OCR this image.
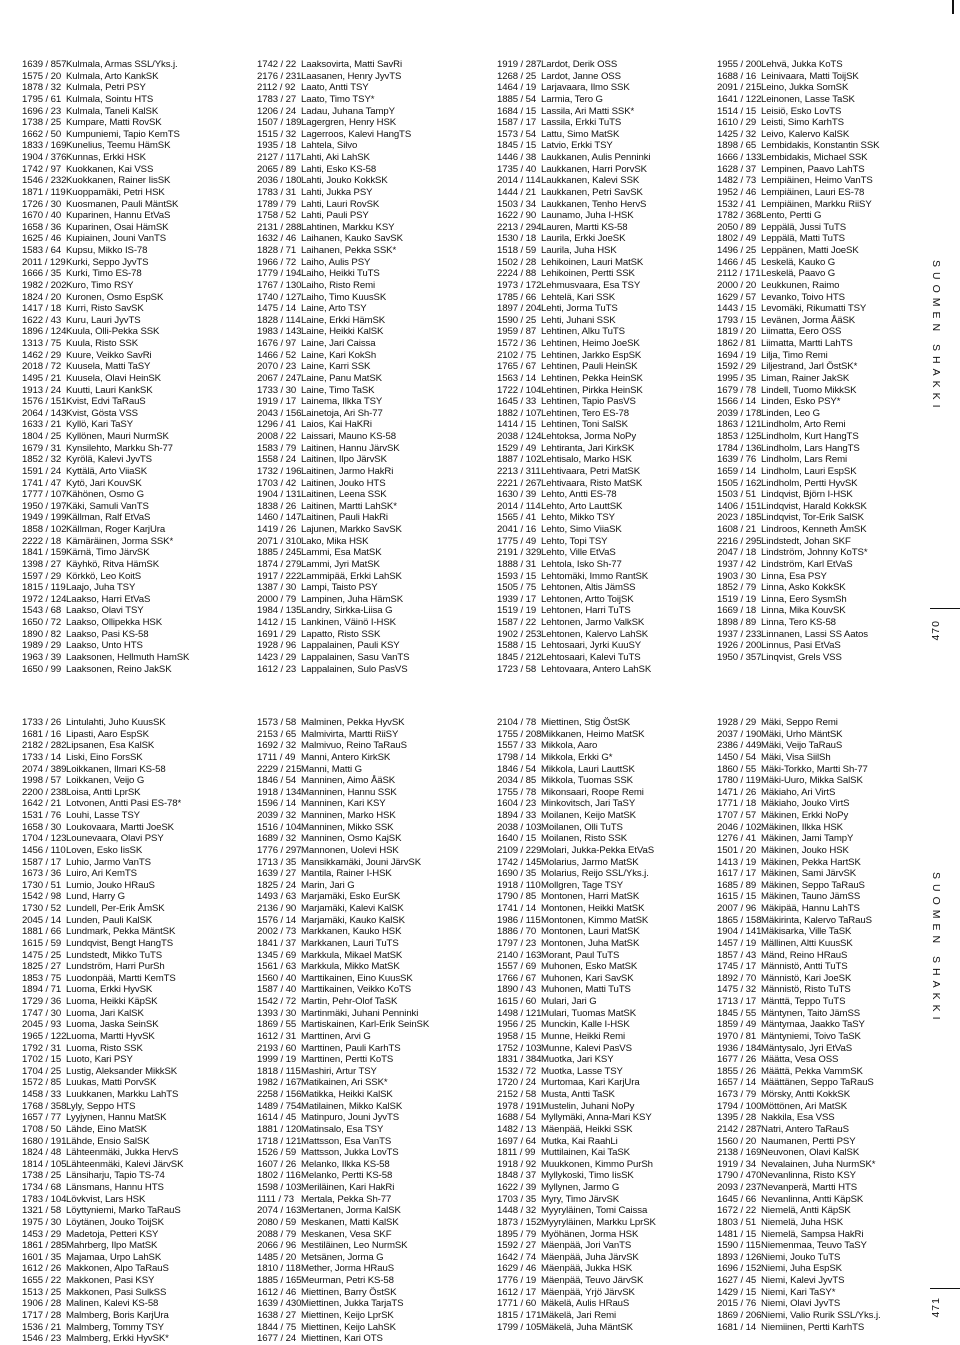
1639 / 857 Kulmala, Armas SSL/Yks.j.
1575 / 20 Kulmala, Arto KankSK
1878 / 32 Kulmala, Petri PSY
1795 / 61 Kulmala, Sointu HTS
1696 / 23 Kulmala, Taneli KalSK
1738 / 25 Kumpare, Matti RovSK
1662 / 50 Kumpuniemi, Tapio KemTS
1833 / 169 Kunelius, Teemu HämSK
1904 / 376 Kunnas, Erkki HSK
1742 / 97 Kuokkanen, Kai VSS
1546 / 232 Kuokkanen, Rainer IisSK
1871 / 119 Kuoppamäki, Petri HSK
1726 / 30 Kuosmanen, Pauli MäntSK
1670 / 40 Kuparinen, Hannu EtVaS
1658 / 36 Kuparinen, Osai HämSK
1625 / 46 Kupiainen, Jouni VanTS
1583 / 64 Kupsu, Mikko IS-78
2011 / 129 Kurki, Seppo JyvTS
1666 / 35 Kurki, Timo ES-78
1982 / 202 Kuro, Timo RSY
1824 / 20 Kuronen, Osmo EspSK
1417 / 18 Kurri, Risto SavSK
1622 / 43 Kuru, Lauri JyvTS
1896 / 124 Kuula, Olli-Pekka SSK
1313 / 75 Kuula, Risto SSK
1462 / 29 Kuure, Veikko SavRi
2018 / 72 Kuusela, Matti TaSY
1495 / 21 Kuusela, Olavi HeinSK
1913 / 24 Kuutti, Lauri KankSK
1576 / 151 Kvist, Edvi TaRauS
2064 / 143 Kvist, Gösta VSS
1633 / 21 Kyllö, Kari TaSY
1804 / 25 Kyllönen, Mauri NurmSK
1679 / 31 Kynsilehto, Markku Sh-77
1852 / 32 Kyrölä, Kalevi JyvTS
1591 / 24 Kyttälä, Arto ViiaSK
1741 / 47 Kytö, Jari KouvSK
1777 / 107 Kähönen, Osmo G
1950 / 197 Käki, Samuli VanTS
1949 / 199 Källman, Ralf EtVaS
1858 / 102 Källman, Roger KarjUra
2222 / 18 Kämäräinen, Jorma SSK*
1841 / 159 Kärnä, Timo JärvSK
1398 / 27 Käyhkö, Ritva HämSK
1597 / 29 Körkkö, Leo KoitS
1815 / 119 Laajo, Juha TSY
1972 / 124 Laakso, Harri EtVaS
1543 / 68 Laakso, Olavi TSY
1650 / 72 Laakso, Ollipekka HSK
1890 / 82 Laakso, Pasi KS-58
1989 / 29 Laakso, Unto HTS
1963 / 39 Laaksonen, Hellmuth HamSK
1650 / 99 Laaksonen, Reino JakSK
1742 / 22 Laaksovirta, Matti SavRi
2176 / 231 Laasanen, Henry JyvTS
2112 / 92 Laato, Antti TSY
1783 / 27 Laato, Timo TSY*
1206 / 24 Ladau, Juhana TampY
1507 / 189 Lagergren, Henry HSK
1515 / 32 Lagerroos, Kalevi HangTS
1935 / 18 Lahtela, Silvo
2127 / 117 Lahti, Aki LahSK
2065 / 89 Lahti, Esko KS-58
2036 / 180 Lahti, Jouko KokkSK
1783 / 31 Lahti, Jukka PSY
1789 / 79 Lahti, Lauri RovSK
1758 / 52 Lahti, Pauli PSY
2131 / 288 Lahtinen, Markku KSY
1632 / 46 Laihanen, Kauko SavSK
1828 / 71 Laihanen, Pekka SSK*
1966 / 72 Laiho, Aulis PSY
1779 / 194 Laiho, Heikki TuTS
1767 / 130 Laiho, Risto Remi
1740 / 127 Laiho, Timo KuusSK
1475 / 14 Laine, Arto TSY
1828 / 114 Laine, Erkki HämSK
1983 / 143 Laine, Heikki KalSK
1676 / 97 Laine, Jari Caissa
1466 / 52 Laine, Kari KokSh
2070 / 23 Laine, Karri SSK
2067 / 247 Laine, Panu MatSK
1733 / 30 Laine, Timo TaSK
1919 / 17 Lainema, Ilkka TSY
2043 / 156 Lainetoja, Ari Sh-77
1296 / 41 Laios, Kai HaKRi
2008 / 22 Laissari, Mauno KS-58
1583 / 79 Laitinen, Hannu JärvSK
1558 / 24 Laitinen, Ilpo JärvSK
1732 / 196 Laitinen, Jarmo HakRi
1703 / 42 Laitinen, Jouko HTS
1904 / 131 Laitinen, Leena SSK
1838 / 26 Laitinen, Martti LahSK*
1460 / 147 Laitinen, Pauli HakRi
1419 / 26 Lajunen, Markko SavSK
2071 / 310 Lako, Mika HSK
1885 / 245 Lammi, Esa MatSK
1874 / 279 Lammi, Jyri MatSK
1917 / 222 Lammipää, Erkki LahSK
1387 / 30 Lampi, Taisto PSY
2000 / 79 Lampinen, Juha HämSK
1984 / 135 Landry, Sirkka-Liisa G
1412 / 15 Lankinen, Väinö I-HSK
1691 / 29 Lapatto, Risto SSK
1928 / 96 Lappalainen, Pauli KSY
1423 / 29 Lappalainen, Sasu VanTS
1612 / 23 Lappalainen, Sulo PasVS
1919 / 287 Lardot, Derik OSS
1268 / 25 Lardot, Janne OSS
1464 / 19 Larjavaara, Ilmo SSK
1885 / 54 Larmia, Tero G
1684 / 15 Lassila, Ari Matti SSK*
1587 / 17 Lassila, Erkki TuTS
1573 / 54 Lattu, Simo MatSK
1845 / 15 Latvio, Erkki TSY
1446 / 38 Laukkanen, Aulis Penninki
1735 / 40 Laukkanen, Harri PorvSK
2014 / 114 Laukkanen, Kalevi SSK
1444 / 21 Laukkanen, Petri SavSK
1503 / 34 Laukkanen, Tenho HervS
1622 / 90 Launamo, Juha I-HSK
2213 / 294 Lauren, Martti KS-58
1530 / 18 Laurila, Erkki JoeSK
1518 / 59 Laurila, Juha HSK
1502 / 28 Lehikoinen, Lauri MatSK
2224 / 88 Lehikoinen, Pertti SSK
1973 / 172 Lehmusvaara, Esa TSY
1785 / 66 Lehtelä, Kari SSK
1897 / 204 Lehti, Jorma TuTS
1590 / 25 Lehti, Juhani SSK
1959 / 87 Lehtinen, Alku TuTS
1572 / 36 Lehtinen, Heimo JoeSK
2102 / 75 Lehtinen, Jarkko EspSK
1765 / 67 Lehtinen, Pauli HeinSK
1563 / 14 Lehtinen, Pekka HeinSK
1722 / 104 Lehtinen, Pirkka HeinSK
1645 / 33 Lehtinen, Tapio PasVS
1882 / 107 Lehtinen, Tero ES-78
1414 / 15 Lehtinen, Toni SalSK
2038 / 124 Lehtoksa, Jorma NoPy
1529 / 49 Lehtiranta, Jari KirkSK
1887 / 102 Lehtisalo, Marko HSK
2213 / 311 Lehtivaara, Petri MatSK
2221 / 267 Lehtivaara, Risto MatSK
1630 / 39 Lehto, Antti ES-78
2014 / 114 Lehto, Arto LauttSK
1565 / 41 Lehto, Mikko TSY
2041 / 16 Lehto, Simo ViiaSK
1775 / 49 Lehto, Topi TSY
2191 / 329 Lehto, Ville EtVaS
1888 / 31 Lehtola, Isko Sh-77
1593 / 15 Lehtomäki, Immo RantSK
1505 / 75 Lehtonen, Altis JämSS
1939 / 17 Lehtonen, Artto ToijSK
1519 / 19 Lehtonen, Harri TuTS
1587 / 22 Lehtonen, Jarmo ValkSK
1902 / 253 Lehtonen, Kalervo LahSK
1588 / 15 Lehtosaari, Jyrki KuuSY
1845 / 212 Lehtosaari, Kalevi TuTS
1723 / 58 Lehtovaara, Antero LahSK
1955 / 200 Lehvä, Jukka KoTS
1688 / 16 Leinivaara, Matti ToijSK
2091 / 215 Leino, Jukka SomSK
1641 / 122 Leinonen, Lasse TaSK
1514 / 15 Leisiö, Esko LovTS
1610 / 29 Leisti, Simo KarhTS
1425 / 32 Leivo, Kalervo KalSK
1898 / 65 Lembidakis, Konstantin SSK
1666 / 133 Lembidakis, Michael SSK
1628 / 37 Lempinen, Paavo LahTS
1482 / 73 Lempiäinen, Heimo VanTS
1952 / 46 Lempiäinen, Lauri ES-78
1532 / 41 Lempiäinen, Markku RiiSY
1782 / 368 Lento, Pertti G
2050 / 89 Leppälä, Jussi TuTS
1802 / 49 Leppälä, Matti TuTS
1496 / 25 Leppänen, Matti JoeSK
1466 / 45 Leskelä, Kauko G
2112 / 171 Leskelä, Paavo G
2000 / 20 Leukkunen, Raimo
1629 / 57 Levanko, Toivo HTS
1443 / 15 Levomäki, Rikumatti TSY
1793 / 15 Levänen, Jorma ÅäSK
1819 / 20 Liimatta, Eero OSS
1862 / 81 Liimatta, Martti LahTS
1694 / 19 Lilja, Timo Remi
1592 / 29 Liljestrand, Jarl ÖstSK*
1995 / 35 Liman, Rainer JakSK
1679 / 78 Lindell, Tuomo MikkSK
1566 / 14 Linden, Esko PSY*
2039 / 178 Linden, Leo G
1863 / 121 Lindholm, Arto Remi
1853 / 125 Lindholm, Kurt HangTS
1784 / 136 Lindholm, Lars HangTS
1639 / 76 Lindholm, Lars Remi
1659 / 14 Lindholm, Lauri EspSK
1505 / 162 Lindholm, Pertti HyvSK
1503 / 51 Lindqvist, Björn I-HSK
1406 / 151 Lindqvist, Harald KokkSK
2023 / 185 Lindqvist, Tor-Erik SalSK
1608 / 21 Lindroos, Kenneth ÅmSK
2216 / 295 Lindstedt, Johan SKF
2047 / 18 Lindström, Johnny KoTS*
1937 / 42 Lindström, Karl EtVaS
1903 / 30 Linna, Esa PSY
1852 / 79 Linna, Asko KokkSK
1519 / 19 Linna, Eero SysmSh
1669 / 18 Linna, Mika KouvSK
1898 / 89 Linna, Tero KS-58
1937 / 233 Linnanen, Lassi SS Aatos
1926 / 200 Linnus, Pasi EtVaS
1950 / 357 Linqvist, Grels VSS
SUOMEN SHAKKI
470
1733 / 26 Lintulahti, Juho KuusSK
1681 / 16 Lipasti, Aaro EspSK
2182 / 282 Lipsanen, Esa KalSK
1733 / 14 Liski, Eino ForsSK
2074 / 389 Loikkanen, Ilmari KS-58
1998 / 57 Loikkanen, Veijo G
2200 / 238 Loisa, Antti LprSK
1642 / 21 Lotvonen, Antti Pasi ES-78*
1531 / 76 Louhi, Lasse TSY
1658 / 30 Loukovaara, Martti JoeSK
1704 / 123 Lounevaara, Olavi PSY
1456 / 110 Loven, Esko IisSK
1587 / 17 Luhio, Jarmo VanTS
1673 / 36 Luiro, Ari KemTS
1730 / 51 Lumio, Jouko HRauS
1542 / 98 Lund, Harry G
1730 / 52 Lundell, Per-Erik ÅmSK
2045 / 14 Lunden, Pauli KalSK
1881 / 66 Lundmark, Pekka MäntSK
1615 / 59 Lundqvist, Bengt HangTS
1475 / 25 Lundstedt, Mikko TuTS
1825 / 27 Lundström, Harri PurSh
1853 / 75 Luodonpää, Martti KemTS
1894 / 71 Luoma, Erkki HyvSK
1729 / 36 Luoma, Heikki KäpSK
1747 / 30 Luoma, Jari KalSK
2045 / 93 Luoma, Jaska SeinSK
1965 / 122 Luoma, Martti HyvSK
1792 / 31 Luoma, Risto SSK
1702 / 15 Luoto, Kari PSY
1704 / 25 Lustig, Aleksander MikkSK
1572 / 85 Luukas, Matti PorvSK
1458 / 33 Luukkanen, Markku LahTS
1768 / 358 Lyly, Seppo HTS
1657 / 77 Lyyjynen, Hannu MatSK
1708 / 50 Lähde, Eino MatSK
1680 / 191 Lähde, Ensio SalSK
1824 / 48 Lähteenmäki, Jukka HervS
1814 / 105 Lähteenmäki, Kalevi JärvSK
1738 / 25 Länsiharju, Tapio TS-74
1734 / 68 Länsmans, Hannu HTS
1783 / 104 Lövkvist, Lars HSK
1321 / 58 Löyttyniemi, Marko TaRauS
1975 / 30 Löytänen, Jouko ToijSK
1453 / 29 Madetoja, Petteri KSY
1861 / 285 Mahrberg, Ilpo MatSK
1601 / 35 Majamaa, Urpo LahSK
1612 / 26 Makkonen, Alpo TaRauS
1655 / 22 Makkonen, Pasi KSY
1513 / 25 Makkonen, Pasi SulkSS
1906 / 28 Malinen, Kalevi KS-58
1717 / 28 Malmberg, Boris KarjUra
1536 / 21 Malmberg, Tommy TSY
1546 / 23 Malmberg, Erkki HyvSK*
1573 / 58 Malminen, Pekka HyvSK
2153 / 65 Malmivirta, Martti RiiSY
1692 / 32 Malmivuo, Reino TaRauS
1711 / 49 Manni, Antero KirkSK
2229 / 215 Manni, Matti G
1846 / 54 Manninen, Aimo ÅäSK
1918 / 134 Manninen, Hannu SSK
1596 / 14 Manninen, Kari KSY
2039 / 32 Manninen, Marko HSK
1516 / 104 Manninen, Mikko SSK
1689 / 32 Manninen, Osmo KajSK
1776 / 297 Mannonen, Uolevi HSK
1713 / 35 Mansikkamäki, Jouni JärvSK
1639 / 27 Mantila, Rainer I-HSK
1825 / 24 Marin, Jari G
1493 / 63 Marjamäki, Esko EurSK
2136 / 90 Marjamäki, Kalevi KalSK
1576 / 14 Marjamäki, Kauko KalSK
2002 / 73 Markkanen, Kauko HSK
1841 / 37 Markkanen, Lauri TuTS
1345 / 69 Markkula, Mikael MatSK
1561 / 63 Markkula, Mikko MatSK
1560 / 40 Marttikainen, Eino KuusSK
1587 / 40 Marttikainen, Veikko KoTS
1542 / 72 Martin, Pehr-Olof TaSK
1393 / 30 Martinmäki, Juhani Penninki
1869 / 55 Martiskainen, Karl-Erik SeinSK
1612 / 31 Marttinen, Arvi G
2193 / 60 Marttinen, Pauli KarhTS
1999 / 19 Marttinen, Pertti KoTS
1818 / 115 Mashiri, Artur TSY
1982 / 167 Matikainen, Ari SSK*
2258 / 156 Matikka, Heikki KalSK
1489 / 754 Matilainen, Mikko KalSK
1614 / 45 Matinpuro, Jouni JyvTS
1881 / 120 Matinsalo, Esa TSY
1718 / 121 Mattsson, Esa VanTS
1526 / 59 Mattsson, Jukka LovTS
1607 / 26 Melanko, Ilkka KS-58
1802 / 116 Melanko, Pertti KS-58
1598 / 103 Meriläinen, Kari HakRi
1111 / 73 Mertala, Pekka Sh-77
2074 / 163 Mertanen, Jorma KalSK
2080 / 59 Meskanen, Matti KalSK
2088 / 79 Meskanen, Vesa SKF
2066 / 96 Mestiläinen, Leo NurmSK
1485 / 20 Metsänen, Jorma G
1810 / 118 Mether, Jorma HRauS
1885 / 165 Meurman, Petri KS-58
1612 / 46 Miettinen, Barry ÖstSK
1639 / 430 Miettinen, Jukka TarjaTS
1638 / 27 Miettinen, Keijo LprSK
1844 / 75 Miettinen, Keijo LahSK
1677 / 24 Miettinen, Kari OTS
2104 / 78 Miettinen, Stig ÖstSK
1755 / 208 Mikkanen, Heimo MatSK
1557 / 33 Mikkola, Aaro
1798 / 14 Mikkola, Erkki G*
1846 / 54 Mikkola, Lauri LauttSK
2034 / 85 Mikkola, Tuomas SSK
1755 / 78 Mikonsaari, Roope Remi
1604 / 23 Minkovitsch, Jari TaSY
1894 / 33 Moilanen, Keijo MatSK
2038 / 103 Moilanen, Olli TuTS
1640 / 15 Moilanen, Risto SSK
2109 / 229 Molari, Jukka-Pekka EtVaS
1742 / 145 Molarius, Jarmo MatSK
1690 / 35 Molarius, Reijo SSL/Yks.j.
1918 / 110 Mollgren, Tage TSY
1790 / 85 Montonen, Harri MatSK
1741 / 14 Montonen, Heikki MatSK
1986 / 115 Montonen, Kimmo MatSK
1886 / 70 Montonen, Lauri MatSK
1797 / 23 Montonen, Juha MatSK
2140 / 163 Morant, Paul TuTS
1557 / 69 Muhonen, Esko MatSK
1766 / 67 Muhonen, Kari SavSK
1890 / 43 Muhonen, Matti TuTS
1615 / 60 Mulari, Jari G
1498 / 121 Mulari, Tuomas MatSK
1956 / 25 Munckin, Kalle I-HSK
1958 / 15 Munne, Heikki Remi
1752 / 103 Munne, Kalevi PasVS
1831 / 384 Muotka, Jari KSY
1532 / 72 Muotka, Lasse TSY
1720 / 24 Murtomaa, Kari KarjUra
2152 / 58 Musta, Antti TaSK
1978 / 191 Mustelin, Juhani NoPy
1688 / 54 Myllymäki, Anna-Mari KSY
1482 / 13 Mäenpää, Heikki SSK
1697 / 64 Mutka, Kai RaahLi
1811 / 99 Muttilainen, Kai TaSK
1918 / 92 Muukkonen, Kimmo PurSh
1848 / 37 Myllykoski, Timo IisSK
1622 / 39 Myllynen, Jarmo G
1703 / 35 Myry, Timo JärvSK
1448 / 32 Myyryläinen, Tomi Caissa
1873 / 152 Myyryläinen, Markku LprSK
1895 / 79 Myöhänen, Jorma HSK
1592 / 27 Mäenpää, Jori VanTS
1642 / 74 Mäenpää, Juha JärvSK
1629 / 46 Mäenpää, Jukka HSK
1776 / 19 Mäenpää, Teuvo JärvSK
1612 / 17 Mäenpää, Yrjö JärvSK
1771 / 60 Mäkelä, Aulis HRauS
1815 / 171 Mäkelä, Jari Remi
1799 / 105 Mäkelä, Juha MäntSK
1928 / 29 Mäki, Seppo Remi
2037 / 190 Mäki, Urho MäntSK
2386 / 449 Mäki, Veijo TaRauS
1450 / 54 Mäki, Visa SiilSh
1860 / 55 Mäki-Torkko, Martti Sh-77
1780 / 119 Mäki-Uuro, Mikka SalSK
1471 / 26 Mäkiaho, Ari VirtS
1771 / 18 Mäkiaho, Jouko VirtS
1707 / 57 Mäkinen, Erkki NoPy
2046 / 102 Mäkinen, Ilkka HSK
1276 / 41 Mäkinen, Jami TampY
1501 / 20 Mäkinen, Jouko HSK
1413 / 19 Mäkinen, Pekka HartSK
1617 / 17 Mäkinen, Sami JärvSK
1685 / 89 Mäkinen, Seppo TaRauS
1615 / 15 Mäkinen, Tauno JämSS
2007 / 96 Mäkipää, Hannu LahTS
1865 / 158 Mäkirinta, Kalervo TaRauS
1904 / 141 Mäkisarka, Ville TaSK
1457 / 19 Mällinen, Altti KuusSK
1857 / 43 Mänd, Reino HRauS
1745 / 17 Männistö, Antti TuTS
1892 / 70 Männistö, Kari JoeSK
1475 / 32 Männistö, Risto TuTS
1713 / 17 Mänttä, Teppo TuTS
1845 / 55 Mäntynen, Taito JämSS
1859 / 49 Mäntymaa, Jaakko TaSY
1970 / 81 Mäntyniemi, Toivo TaSK
1936 / 184 Mäntysalo, Jyri EtVaS
1677 / 26 Määtta, Vesa OSS
1855 / 26 Määttä, Pekka VammSK
1657 / 14 Määttänen, Seppo TaRauS
1673 / 79 Mörsky, Antti KokkSK
1794 / 100 Möttönen, Ari MatSK
1395 / 28 Nakkila, Esa VSS
2142 / 287 Natri, Antero TaRauS
1560 / 20 Naumanen, Pertti PSY
2138 / 169 Neuvonen, Olavi KalSK
1919 / 34 Nevalainen, Juha NurmSK*
1790 / 470 Nevanlinna, Risto KSY
2093 / 237 Nevanperä, Martti HTS
1645 / 66 Nevanlinna, Antti KäpSK
1672 / 22 Niemelä, Antti KäpSK
1803 / 51 Niemelä, Juha HSK
1481 / 15 Niemelä, Sampsa HakRi
1590 / 115 Niemenmaa, Teuvo TaSY
1893 / 126 Niemi, Jouko TuTS
1696 / 152 Niemi, Juha EspSK
1627 / 45 Niemi, Kalevi JyvTS
1429 / 15 Niemi, Kari TaSY*
2015 / 76 Niemi, Olavi JyvTS
1869 / 206 Niemi, Valio Rurik SSL/Yks.j.
1681 / 14 Niemiinen, Pertti KarhTS
SUOMEN SHAKKI
471
